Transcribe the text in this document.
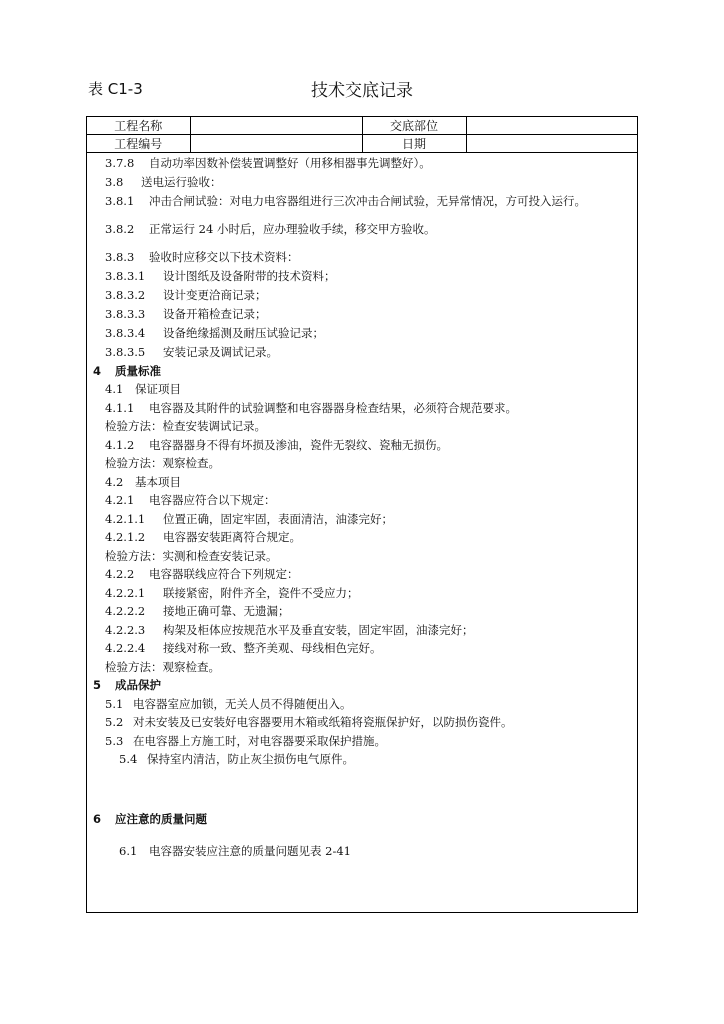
表 C1-3	技术交底记录
工程名称		交底部位	
工程编号		日期	
3.7.8 自动功率因数补偿装置调整好（用移相器事先调整好）。
3.8 送电运行验收：
3.8.1 冲击合闸试验：对电力电容器组进行三次冲击合闸试验，无异常情况，方可投入运行。
3.8.2 正常运行 24 小时后，应办理验收手续，移交甲方验收。
3.8.3 验收时应移交以下技术资料：
3.8.3.1 设计图纸及设备附带的技术资料；
3.8.3.2 设计变更洽商记录；
3.8.3.3 设备开箱检查记录；
3.8.3.4 设备绝缘摇测及耐压试验记录；
3.8.3.5 安装记录及调试记录。
4 质量标准
4.1 保证项目
4.1.1 电容器及其附件的试验调整和电容器器身检查结果，必须符合规范要求。
检验方法：检查安装调试记录。
4.1.2 电容器器身不得有坏损及渗油，瓷件无裂纹、瓷釉无损伤。
检验方法：观察检查。
4.2 基本项目
4.2.1 电容器应符合以下规定：
4.2.1.1 位置正确，固定牢固，表面清洁，油漆完好；
4.2.1.2 电容器安装距离符合规定。
检验方法：实测和检查安装记录。
4.2.2 电容器联线应符合下列规定：
4.2.2.1 联接紧密，附件齐全，瓷件不受应力；
4.2.2.2 接地正确可靠、无遗漏；
4.2.2.3 构架及柜体应按规范水平及垂直安装，固定牢固，油漆完好；
4.2.2.4 接线对称一致、整齐美观、母线相色完好。
检验方法：观察检查。
5 成品保护
5.1 电容器室应加锁，无关人员不得随便出入。
5.2 对未安装及已安装好电容器要用木箱或纸箱将瓷瓶保护好，以防损伤瓷件。
5.3 在电容器上方施工时，对电容器要采取保护措施。
5.4 保持室内清洁，防止灰尘损伤电气原件。
6 应注意的质量问题
6.1 电容器安装应注意的质量问题见表 2-41
